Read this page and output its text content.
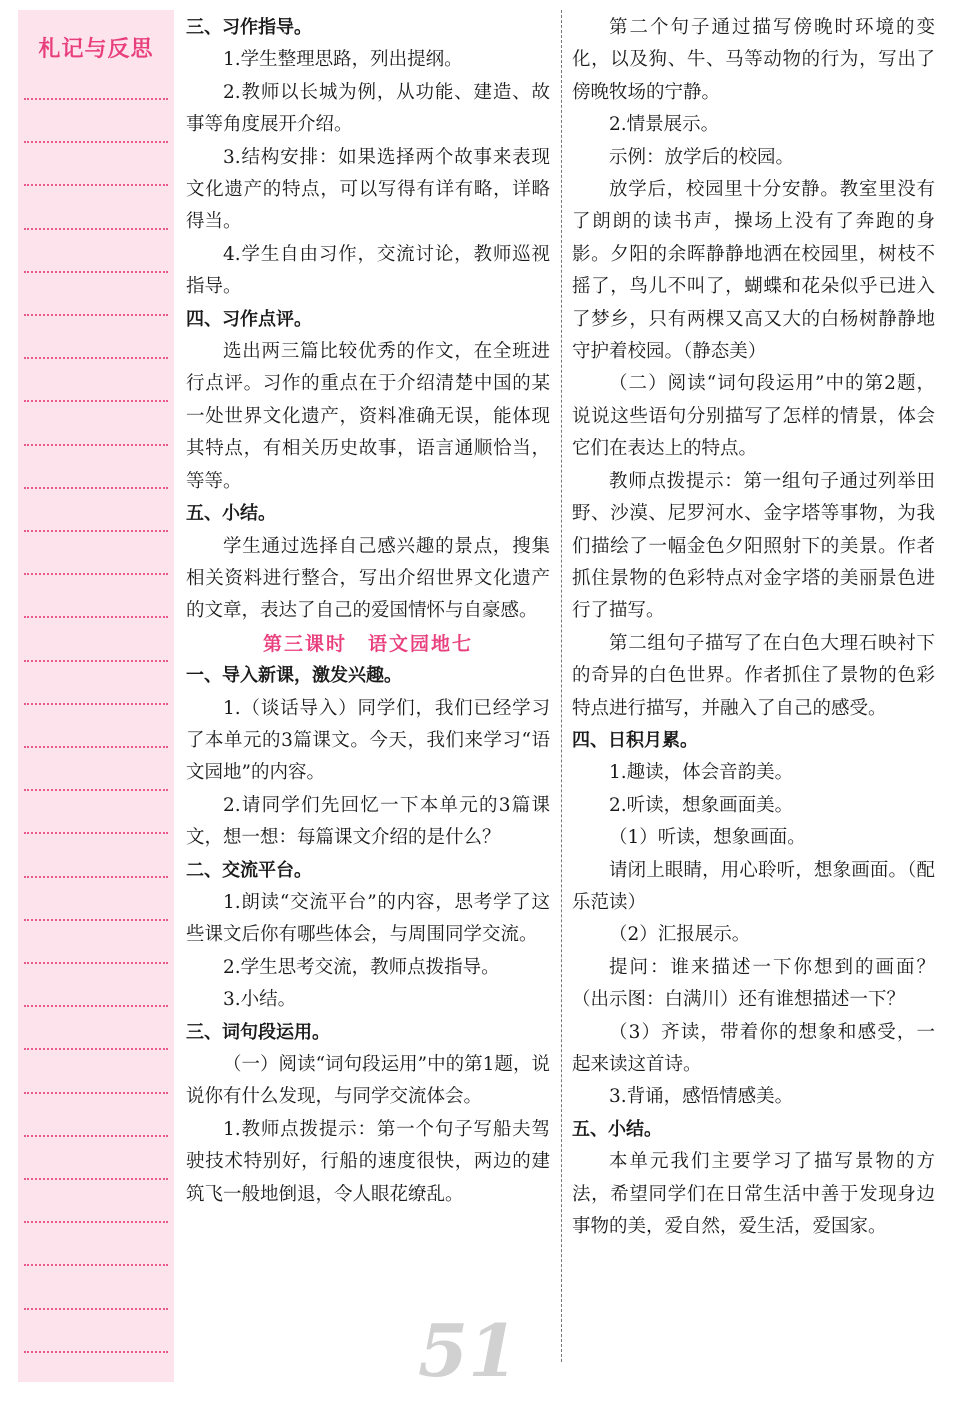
札记与反思

三、习作指导。

1.学生整理思路，列出提纲。

2.教师以长城为例，从功能、建造、故事等角度展开介绍。

3.结构安排：如果选择两个故事来表现文化遗产的特点，可以写得有详有略，详略得当。

4.学生自由习作，交流讨论，教师巡视指导。

四、习作点评。

选出两三篇比较优秀的作文，在全班进行点评。习作的重点在于介绍清楚中国的某一处世界文化遗产，资料准确无误，能体现其特点，有相关历史故事，语言通顺恰当，等等。

五、小结。

学生通过选择自己感兴趣的景点，搜集相关资料进行整合，写出介绍世界文化遗产的文章，表达了自己的爱国情怀与自豪感。

第三课时　语文园地七

一、导入新课，激发兴趣。

1.（谈话导入）同学们，我们已经学习了本单元的3篇课文。今天，我们来学习“语文园地”的内容。

2.请同学们先回忆一下本单元的3篇课文，想一想：每篇课文介绍的是什么？

二、交流平台。

1.朗读“交流平台”的内容，思考学了这些课文后你有哪些体会，与周围同学交流。

2.学生思考交流，教师点拨指导。

3.小结。

三、词句段运用。

（一）阅读“词句段运用”中的第1题，说说你有什么发现，与同学交流体会。

1.教师点拨提示：第一个句子写船夫驾驶技术特别好，行船的速度很快，两边的建筑飞一般地倒退，令人眼花缭乱。

第二个句子通过描写傍晚时环境的变化，以及狗、牛、马等动物的行为，写出了傍晚牧场的宁静。

2.情景展示。

示例：放学后的校园。

放学后，校园里十分安静。教室里没有了朗朗的读书声，操场上没有了奔跑的身影。夕阳的余晖静静地洒在校园里，树枝不摇了，鸟儿不叫了，蝴蝶和花朵似乎已进入了梦乡，只有两棵又高又大的白杨树静静地守护着校园。（静态美）

（二）阅读“词句段运用”中的第2题，说说这些语句分别描写了怎样的情景，体会它们在表达上的特点。

教师点拨提示：第一组句子通过列举田野、沙漠、尼罗河水、金字塔等事物，为我们描绘了一幅金色夕阳照射下的美景。作者抓住景物的色彩特点对金字塔的美丽景色进行了描写。

第二组句子描写了在白色大理石映衬下的奇异的白色世界。作者抓住了景物的色彩特点进行描写，并融入了自己的感受。

四、日积月累。

1.趣读，体会音韵美。

2.听读，想象画面美。

（1）听读，想象画面。

请闭上眼睛，用心聆听，想象画面。（配乐范读）

（2）汇报展示。

提问：谁来描述一下你想到的画面？（出示图：白满川）还有谁想描述一下？

（3）齐读，带着你的想象和感受，一起来读这首诗。

3.背诵，感悟情感美。

五、小结。

本单元我们主要学习了描写景物的方法，希望同学们在日常生活中善于发现身边事物的美，爱自然，爱生活，爱国家。

51
